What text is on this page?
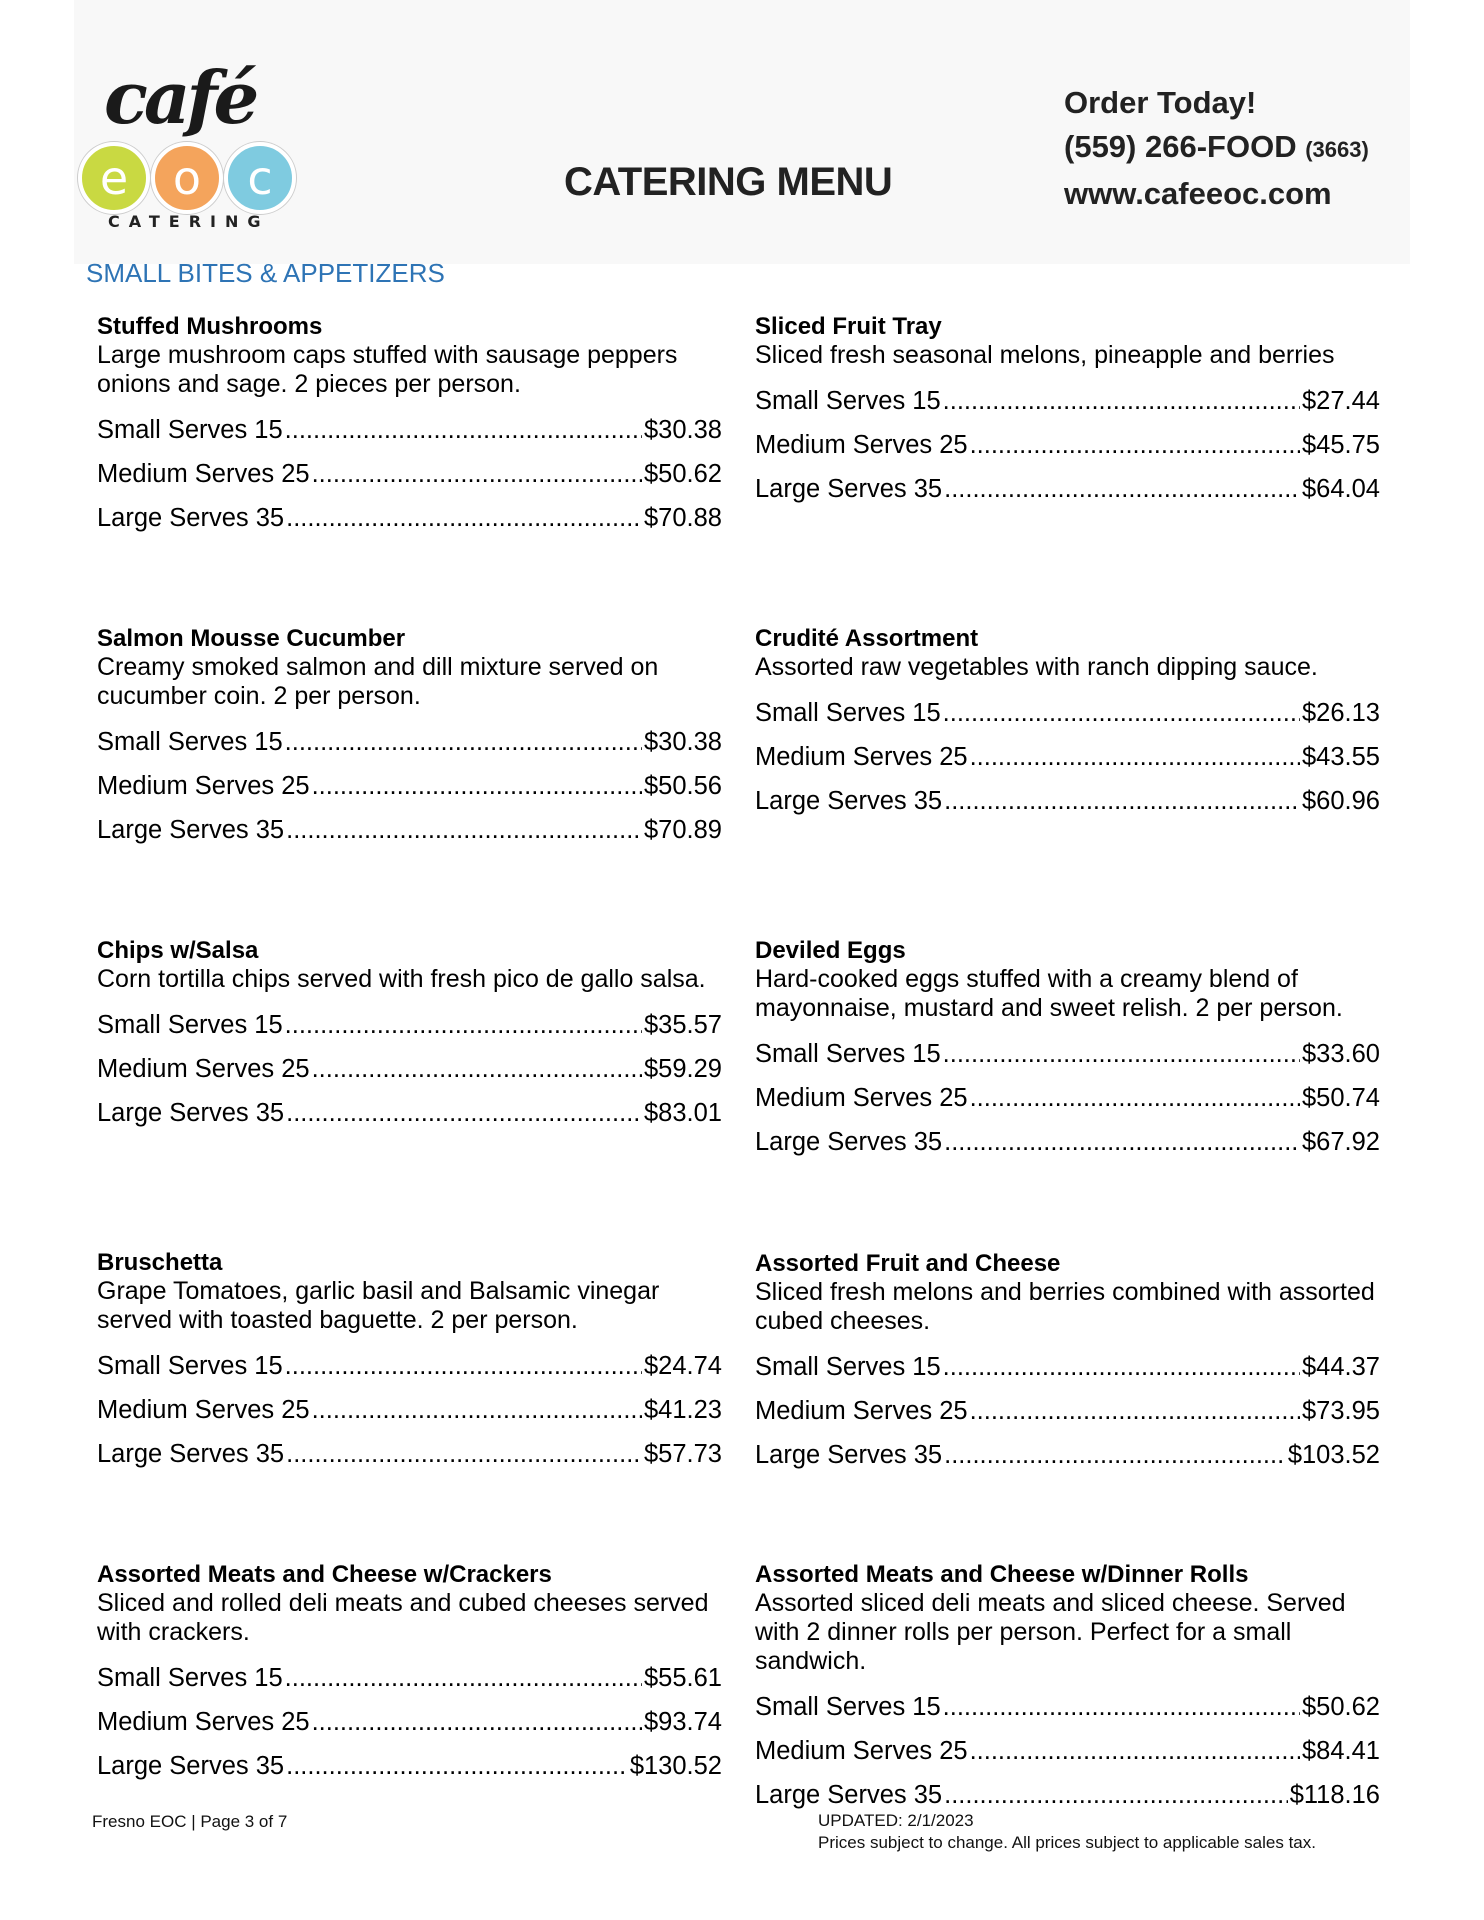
café
e o	c
CATERING
CATERING MENU
Order Today!
(559) 266-FOOD (3663)
www.cafeeoc.com
SMALL BITES & APPETIZERS
Stuffed Mushrooms
Large mushroom caps stuffed with sausage peppers onions and sage. 2 pieces per person.
Small Serves 15 .....	$30.38
Medium Serves 25 .....	$50.62
Large Serves 35 .....	$70.88
Sliced Fruit Tray
Sliced fresh seasonal melons, pineapple and berries
Small Serves 15 .....	$27.44
Medium Serves 25 .....	$45.75
Large Serves 35 .....	$64.04
Salmon Mousse Cucumber
Creamy smoked salmon and dill mixture served on cucumber coin. 2 per person.
Small Serves 15 .....	$30.38
Medium Serves 25 .....	$50.56
Large Serves 35 .....	$70.89
Crudité Assortment
Assorted raw vegetables with ranch dipping sauce.
Small Serves 15 .....	$26.13
Medium Serves 25 .....	$43.55
Large Serves 35 .....	$60.96
Chips w/Salsa
Corn tortilla chips served with fresh pico de gallo salsa.
Small Serves 15 .....	$35.57
Medium Serves 25 .....	$59.29
Large Serves 35 .....	$83.01
Deviled Eggs
Hard-cooked eggs stuffed with a creamy blend of mayonnaise, mustard and sweet relish. 2 per person.
Small Serves 15 .....	$33.60
Medium Serves 25 .....	$50.74
Large Serves 35 .....	$67.92
Bruschetta
Grape Tomatoes, garlic basil and Balsamic vinegar served with toasted baguette. 2 per person.
Small Serves 15 .....	$24.74
Medium Serves 25 .....	$41.23
Large Serves 35 .....	$57.73
Assorted Fruit and Cheese
Sliced fresh melons and berries combined with assorted cubed cheeses.
Small Serves 15 .....	$44.37
Medium Serves 25 .....	$73.95
Large Serves 35 .....	$103.52
Assorted Meats and Cheese w/Crackers
Sliced and rolled deli meats and cubed cheeses served with crackers.
Small Serves 15 .....	$55.61
Medium Serves 25 .....	$93.74
Large Serves 35 .....	$130.52
Assorted Meats and Cheese w/Dinner Rolls
Assorted sliced deli meats and sliced cheese. Served with 2 dinner rolls per person. Perfect for a small sandwich.
Small Serves 15 .....	$50.62
Medium Serves 25 .....	$84.41
Large Serves 35 .....	$118.16
Fresno EOC | Page 3 of 7	UPDATED: 2/1/2023
Prices subject to change. All prices subject to applicable sales tax.
